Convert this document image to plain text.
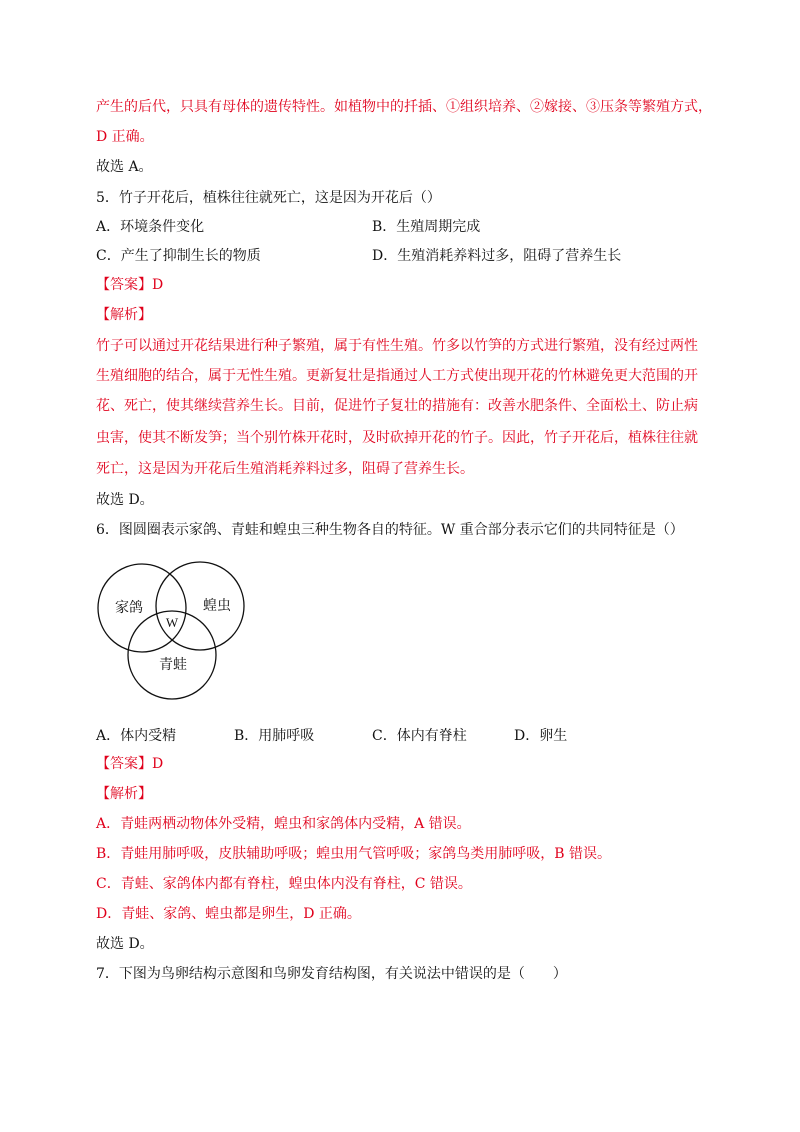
产生的后代，只具有母体的遗传特性。如植物中的扦插、①组织培养、②嫁接、③压条等繁殖方式，
D 正确。
故选 A。
5．竹子开花后，植株往往就死亡，这是因为开花后（）
A．环境条件变化	B．生殖周期完成
C．产生了抑制生长的物质	D．生殖消耗养料过多，阻碍了营养生长
【答案】D
【解析】
竹子可以通过开花结果进行种子繁殖，属于有性生殖。竹多以竹笋的方式进行繁殖，没有经过两性
生殖细胞的结合，属于无性生殖。更新复壮是指通过人工方式使出现开花的竹林避免更大范围的开
花、死亡，使其继续营养生长。目前，促进竹子复壮的措施有：改善水肥条件、全面松土、防止病
虫害，使其不断发笋；当个别竹株开花时，及时砍掉开花的竹子。因此，竹子开花后，植株往往就
死亡，这是因为开花后生殖消耗养料过多，阻碍了营养生长。
故选 D。
6．图圆圈表示家鸽、青蛙和蝗虫三种生物各自的特征。W 重合部分表示它们的共同特征是（）
家鸽	蝗虫
青蛙
W
A．体内受精	B．用肺呼吸	C．体内有脊柱	D．卵生
【答案】D
【解析】
A．青蛙两栖动物体外受精，蝗虫和家鸽体内受精，A 错误。
B．青蛙用肺呼吸，皮肤辅助呼吸；蝗虫用气管呼吸；家鸽鸟类用肺呼吸，B 错误。
C．青蛙、家鸽体内都有脊柱，蝗虫体内没有脊柱，C 错误。
D．青蛙、家鸽、蝗虫都是卵生，D 正确。
故选 D。
7．下图为鸟卵结构示意图和鸟卵发育结构图，有关说法中错误的是（　　）
